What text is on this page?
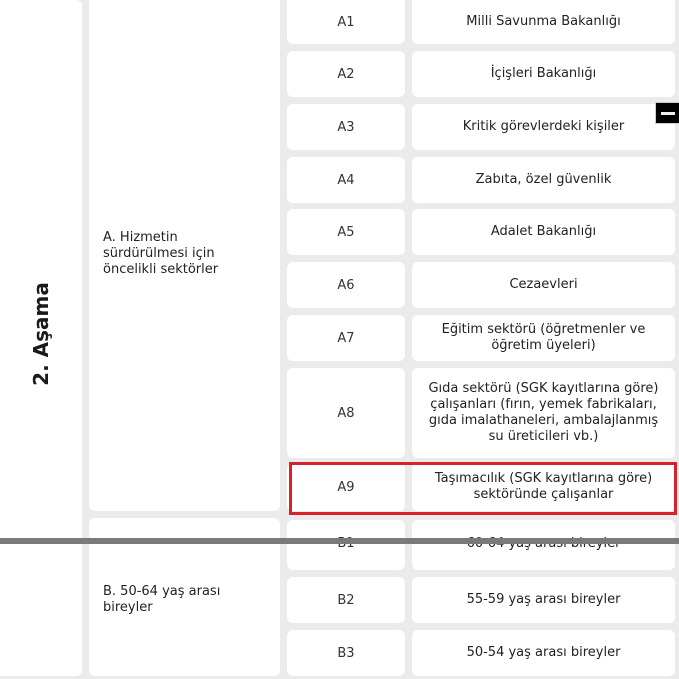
2. Aşama
A. Hizmetin sürdürülmesi için öncelikli sektörler
B. 50-64 yaş arası bireyler
A1
A2
A3
A4
A5
A6
A7
A8
A9
B2
B3
Milli Savunma Bakanlığı
İçişleri Bakanlığı
Kritik görevlerdeki kişiler
Zabıta, özel güvenlik
Adalet Bakanlığı
Cezaevleri
Eğitim sektörü (öğretmenler ve öğretim üyeleri)
Gıda sektörü (SGK kayıtlarına göre) çalışanları (fırın, yemek fabrikaları, gıda imalathaneleri, ambalajlanmış su üreticileri vb.)
Taşımacılık (SGK kayıtlarına göre) sektöründe çalışanlar
55-59 yaş arası bireyler
50-54 yaş arası bireyler
